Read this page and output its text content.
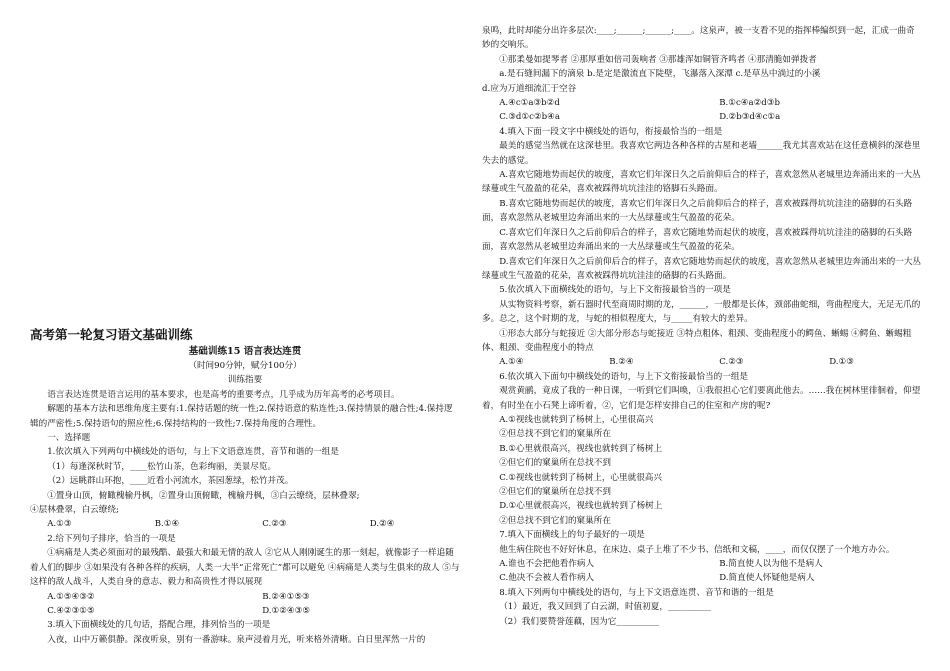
高考第一轮复习语文基础训练

基础训练15 语言表达连贯

（时间90分钟，赋分100分）

训练指要

语言表达连贯是语言运用的基本要求，也是高考的重要考点，几乎成为历年高考的必考项目。

解题的基本方法和思维角度主要有:1.保持话题的统一性;2.保持语意的粘连性;3.保持情景的融合性;4.保持逻辑的严密性;5.保持语句的照应性;6.保持结构的一致性;7.保持角度的合理性。

一、选择题

1.依次填入下列两句中横线处的语句，与上下文语意连贯，音节和谐的一组是

（1）每逢深秋时节，____松竹山茶，色彩绚丽，美景尽览。

（2）远眺群山环抱，____近看小河流水，茶园葱绿，松竹并茂。

①置身山顶，俯瞰槐榆丹枫，②置身山顶俯瞰，槐榆丹枫，③白云缭绕，层林叠翠;

④层林叠翠，白云缭绕;

A.①③	B.①④	C.②③	D.②④

2.给下列句子排序，恰当的一项是

①病痛是人类必须面对的最残酷、最强大和最无情的敌人 ②它从人刚刚诞生的那一刻起，就像影子一样追随着人们的脚步 ③如果没有各种各样的疾病，人类一大半“正常死亡”都可以避免 ④病痛是人类与生俱来的敌人 ⑤与这样的敌人战斗，人类自身的意志、毅力和高贵性才得以展现

A.①⑤④③②	B.②④①⑤③

C.④②③①⑤	D.①②④③⑤

3.填入下面横线处的几句话，搭配合理，排列恰当的一项是

入夜，山中万籁俱静。深夜听泉，别有一番游味。泉声浸着月光，听来格外清晰。白日里浑然一片的

泉鸣，此时却能分出许多层次:____;______;______;____。这泉声，被一支看不见的指挥棒编织到一起，汇成一曲奇妙的交响乐。

①那柔曼如提琴者 ②那厚重如倍司轰响者 ③那雄浑如铜管齐鸣者 ④那清脆如弹拨者

a.是石缝间漏下的滴泉 b.是定是激流直下陡壁，飞瀑落入深潭 c.是草丛中淌过的小溪

d.应为万道细流汇于空谷

A.④c①a③b②d	B.①c④a②d③b

C.③d①c②b④a	D.②b③d④c①a

4.填入下面一段文字中横线处的语句，衔接最恰当的一组是

最美的感觉当然就在这深巷里。我喜欢它两边各种各样的古屋和老墙______我尤其喜欢站在这任意横斜的深巷里失去的感觉。

A.喜欢它随地势而起伏的坡度，喜欢它们年深日久之后前仰后合的样子，喜欢忽然从老城里边奔涌出来的一大丛绿蔓或生气盈盈的花朵，喜欢被踩得坑坑洼洼的铬脚石头路面。

B.喜欢它随地势而起伏的坡度，喜欢它们年深日久之后前仰后合的样子，喜欢被踩得坑坑洼洼的硌脚的石头路面，喜欢忽然从老城里边奔涌出来的一大丛绿蔓或生气盈盈的花朵。

C.喜欢它们年深日久之后前仰后合的样子，喜欢它随地势而起伏的坡度，喜欢被踩得坑坑洼洼的硌脚的石头路面，喜欢忽然从老城里边奔涌出来的一大丛绿蔓或生气盈盈的花朵。

D.喜欢它们年深日久之后前仰后合的样子，喜欢它随地势而起伏的坡度，喜欢忽然从老城里边奔涌出来的一大丛绿蔓或生气盈盈的花朵，喜欢被踩得坑坑洼洼的硌脚的石头路面。

5.依次填入下面横线处的语句，与上下文衔接最恰当的一项是

从实物资料考察，新石器时代至商周时期的龙，______，一般都是长体，颈部曲蛇细，弯曲程度大，无足无爪的多。总之，这个时期的龙，与蛇的相似程度大，与_____有较大的差异。

①形态大部分与蛇接近 ②大部分形态与蛇接近 ③特点粗体、粗颈、变曲程度小的鳄鱼、蜥蜴 ④鳄鱼、蜥蜴粗体、粗颈、变曲程度小的特点

A.①④	B.②④	C.②③	D.①③

6.依次填入下面句中横线处的语句，与上下文衔接最恰当的一组是

观赏黄鹂，竟成了我的一种日课，一听到它们叫唤，①我很担心它们要离此他去。……我在树林里徘徊着，仰望着，有时坐在小石凳上谛听着，②，它们是怎样安排自己的住室和产房的呢?

A.①视线也就转到了杨树上，心里很高兴

②但总找不到它们的窠巢所在

B.①心里就很高兴，视线也就转到了杨树上

②但它们的窠巢所在总找不到

C.①视线也就转到了杨树上，心里就很高兴

②但它们的窠巢所在总找不到

D.①心里就很高兴，视线也就转到了杨树上

②但总找不到它们的窠巢所在

7.填入下面横线上的句子最好的一项是

他生病住院也不好好休息，在床边、桌子上堆了不少书、信纸和文稿，____，而仅仅摆了一个地方办公。

A.谁也不会把他看作病人	B.简直使人以为他不是病人

C.他决不会被人看作病人	D.简直使人怀疑他是病人

8.填入下列两句中横线处的语句，与上下文语意连贯、音节和谐的一组是

（1）最近，我又回到了白云湖，时值初夏，__________

（2）我们要赞誉莲藕，因为它__________
